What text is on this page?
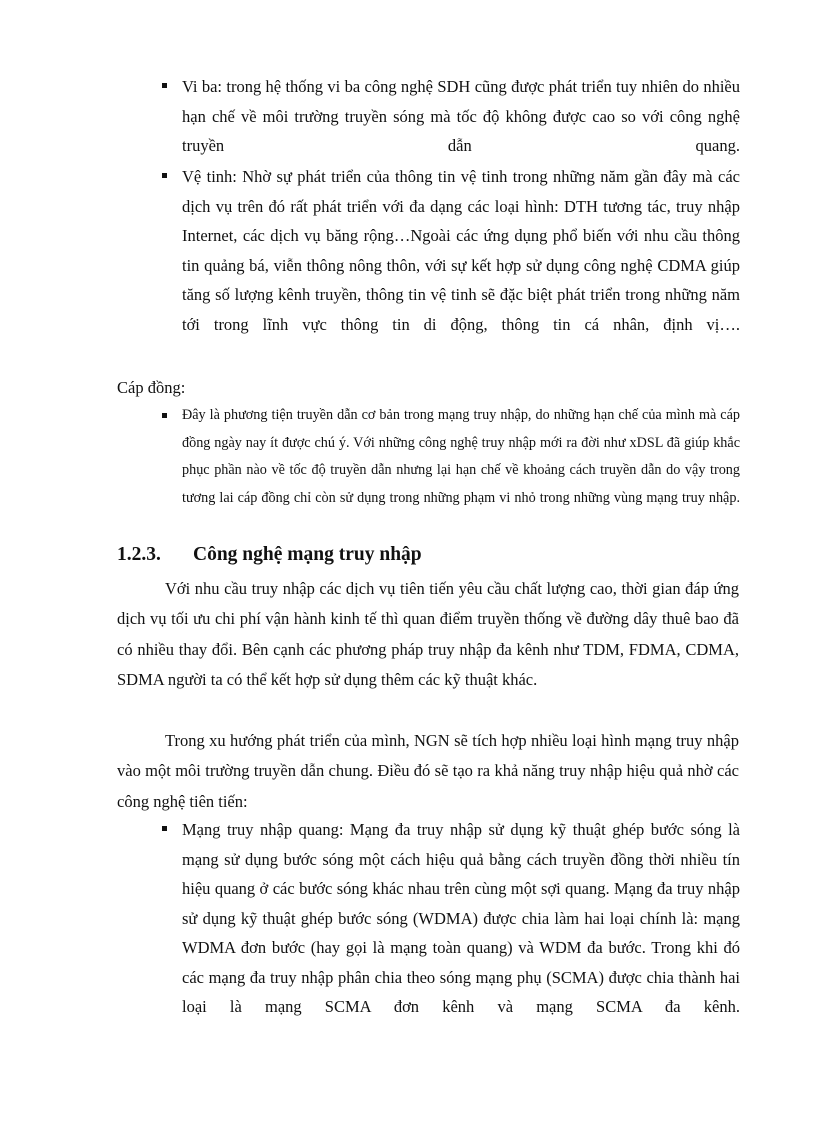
Vi ba: trong hệ thống vi ba công nghệ SDH cũng được phát triển tuy nhiên do nhiều hạn chế về môi trường truyền sóng mà tốc độ không được cao so với công nghệ truyền dẫn quang.
Vệ tinh: Nhờ sự phát triển của thông tin vệ tinh trong những năm gần đây mà các dịch vụ trên đó rất phát triển với đa dạng các loại hình: DTH tương tác, truy nhập Internet, các dịch vụ băng rộng…Ngoài các ứng dụng phổ biến với nhu cầu thông tin quảng bá, viễn thông nông thôn, với sự kết hợp sử dụng công nghệ CDMA giúp tăng số lượng kênh truyền, thông tin vệ tinh sẽ đặc biệt phát triển trong những năm tới trong lĩnh vực thông tin di động, thông tin cá nhân, định vị….
Cáp đồng:
Đây là phương tiện truyền dẫn cơ bản trong mạng truy nhập, do những hạn chế của mình mà cáp đồng ngày nay ít được chú ý. Với những công nghệ truy nhập mới ra đời như xDSL đã giúp khắc phục phần nào về tốc độ truyền dẫn nhưng lại hạn chế về khoảng cách truyền dẫn do vậy trong tương lai cáp đồng chỉ còn sử dụng trong những phạm vi nhỏ trong những vùng mạng truy nhập.
1.2.3. Công nghệ mạng truy nhập
Với nhu cầu truy nhập các dịch vụ tiên tiến yêu cầu chất lượng cao, thời gian đáp ứng dịch vụ tối ưu chi phí vận hành kinh tế thì quan điểm truyền thống về đường dây thuê bao đã có nhiều thay đổi. Bên cạnh các phương pháp truy nhập đa kênh như TDM, FDMA, CDMA, SDMA người ta có thể kết hợp sử dụng thêm các kỹ thuật khác.
Trong xu hướng phát triển của mình, NGN sẽ tích hợp nhiều loại hình mạng truy nhập vào một môi trường truyền dẫn chung. Điều đó sẽ tạo ra khả năng truy nhập hiệu quả nhờ các công nghệ tiên tiến:
Mạng truy nhập quang: Mạng đa truy nhập sử dụng kỹ thuật ghép bước sóng là mạng sử dụng bước sóng một cách hiệu quả bằng cách truyền đồng thời nhiều tín hiệu quang ở các bước sóng khác nhau trên cùng một sợi quang. Mạng đa truy nhập sử dụng kỹ thuật ghép bước sóng (WDMA) được chia làm hai loại chính là: mạng WDMA đơn bước (hay gọi là mạng toàn quang) và WDM đa bước. Trong khi đó các mạng đa truy nhập phân chia theo sóng mạng phụ (SCMA) được chia thành hai loại là mạng SCMA đơn kênh và mạng SCMA đa kênh.
